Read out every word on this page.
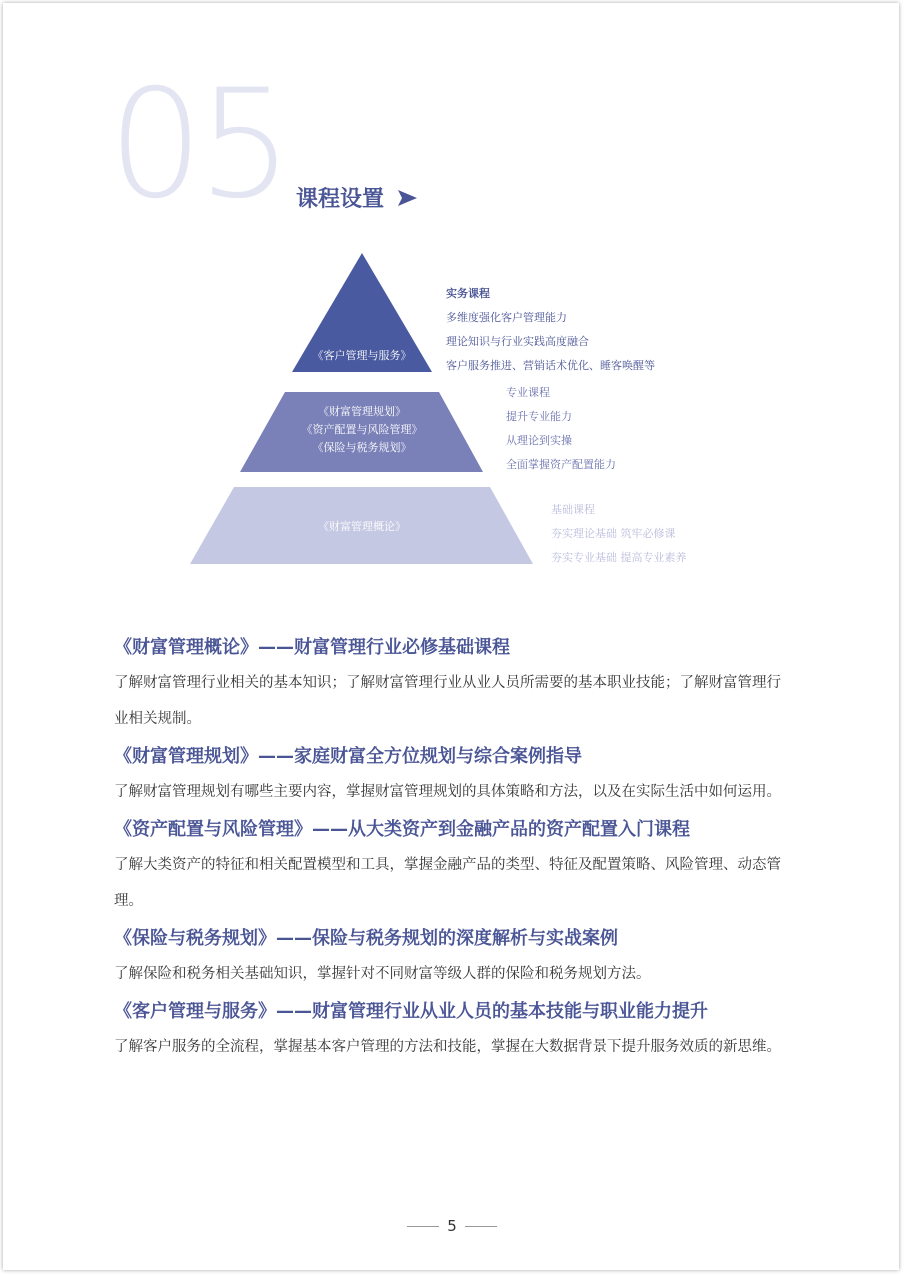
05 课程设置
《客户管理与服务》
《财富管理规划》
《资产配置与风险管理》
《保险与税务规划》
《财富管理概论》
实务课程
多维度强化客户管理能力
理论知识与行业实践高度融合
客户服务推进、营销话术优化、睡客唤醒等
专业课程
提升专业能力
从理论到实操
全面掌握资产配置能力
基础课程
夯实理论基础 筑牢必修课
夯实专业基础 提高专业素养
《财富管理概论》——财富管理行业必修基础课程
了解财富管理行业相关的基本知识；了解财富管理行业从业人员所需要的基本职业技能；了解财富管理行业相关规制。
《财富管理规划》——家庭财富全方位规划与综合案例指导
了解财富管理规划有哪些主要内容，掌握财富管理规划的具体策略和方法，以及在实际生活中如何运用。
《资产配置与风险管理》——从大类资产到金融产品的资产配置入门课程
了解大类资产的特征和相关配置模型和工具，掌握金融产品的类型、特征及配置策略、风险管理、动态管理。
《保险与税务规划》——保险与税务规划的深度解析与实战案例
了解保险和税务相关基础知识，掌握针对不同财富等级人群的保险和税务规划方法。
《客户管理与服务》——财富管理行业从业人员的基本技能与职业能力提升
了解客户服务的全流程，掌握基本客户管理的方法和技能，掌握在大数据背景下提升服务效质的新思维。
5
